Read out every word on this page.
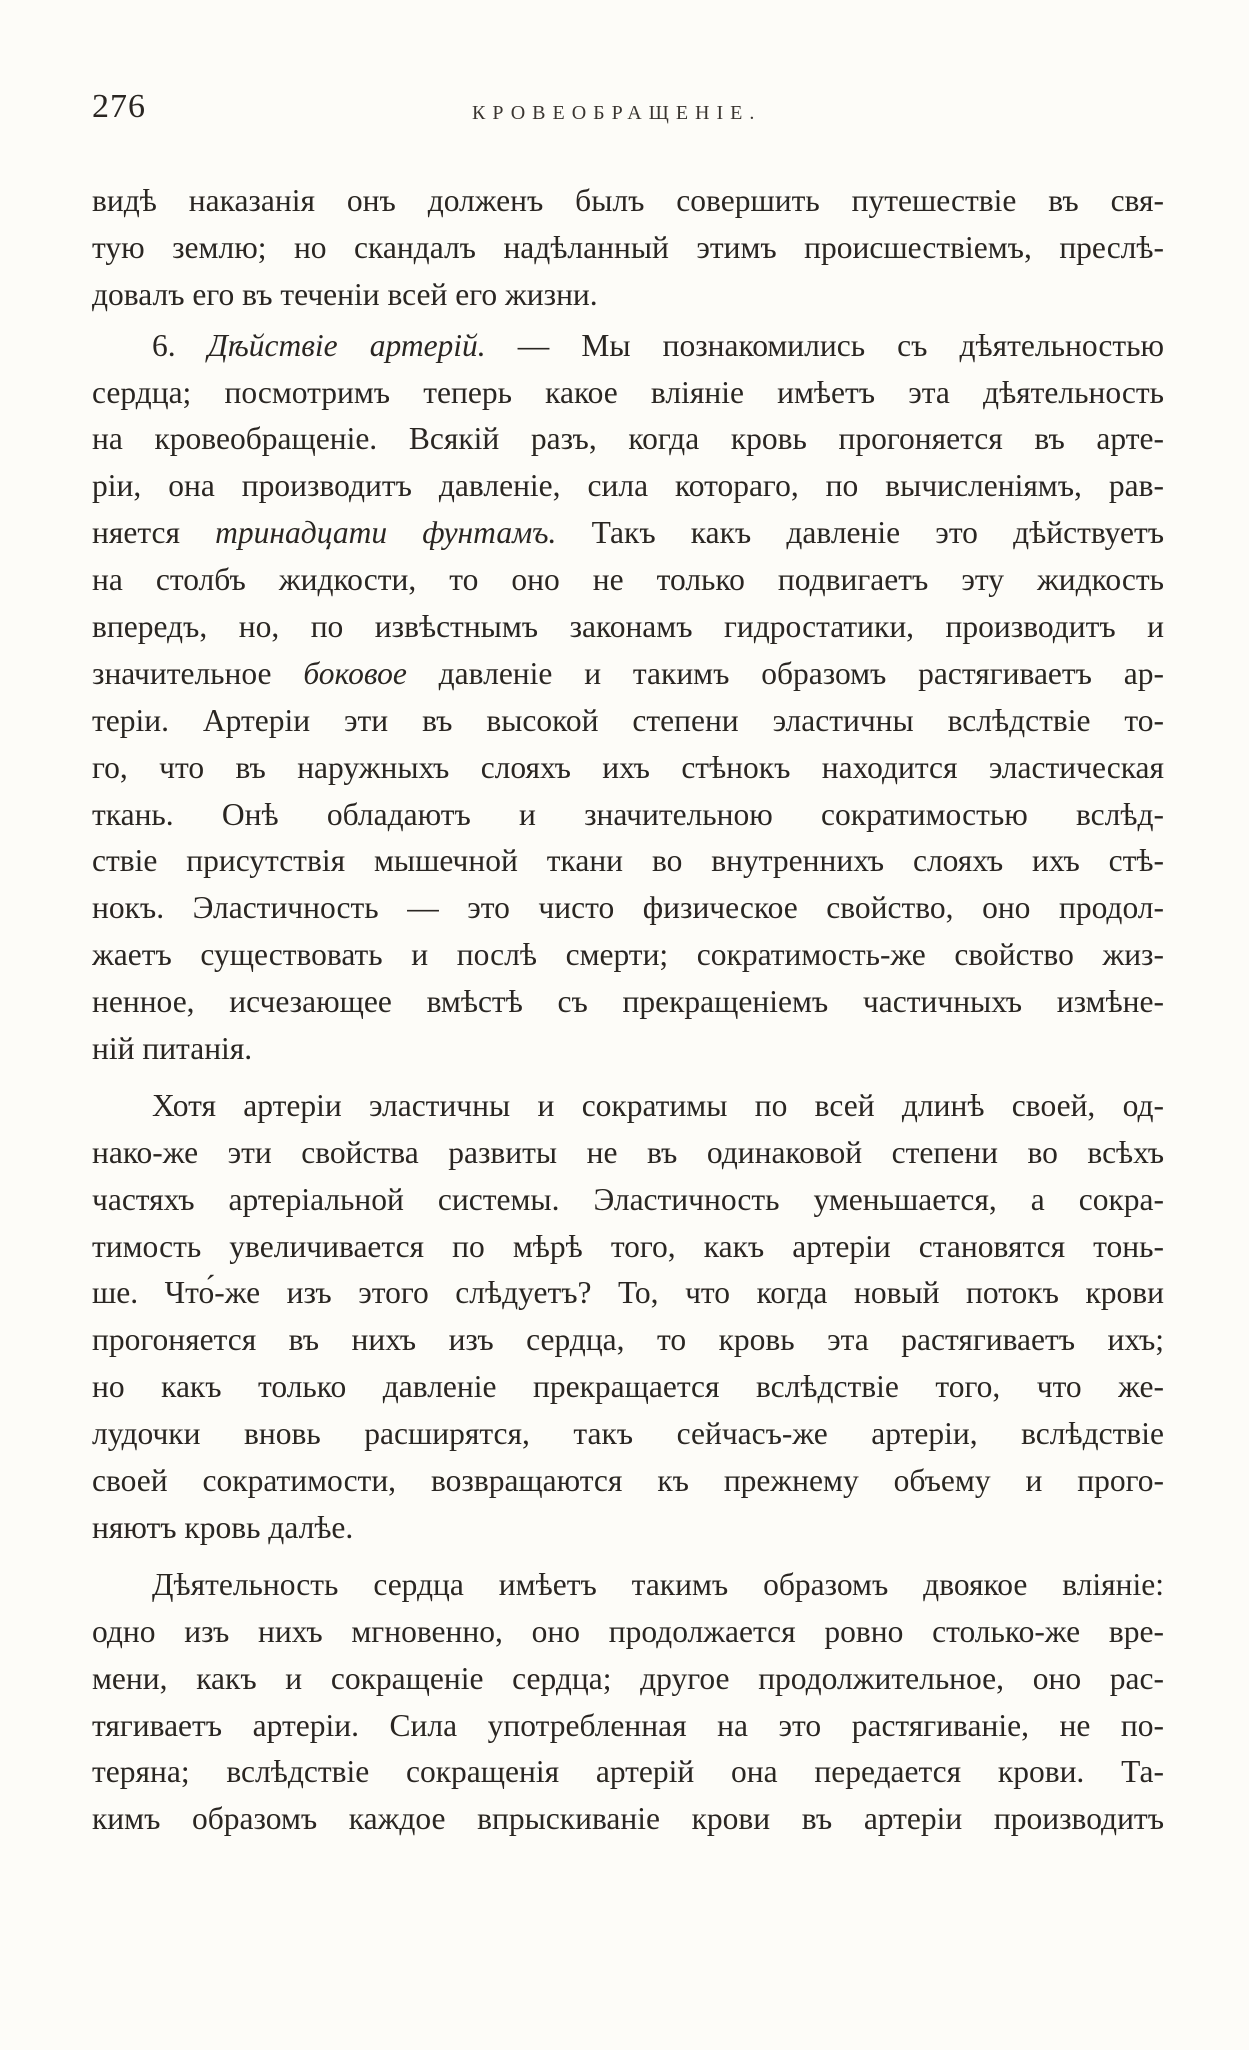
276	КРОВЕОБРАЩЕНІЕ.
видѣ наказанія онъ долженъ былъ совершить путешествіе въ свя-
тую землю; но скандалъ надѣланный этимъ происшествіемъ, преслѣ-
довалъ его въ теченіи всей его жизни.
6. Дѣйствіе артерій. — Мы познакомились съ дѣятельностью
сердца; посмотримъ теперь какое вліяніе имѣетъ эта дѣятельность
на кровеобращеніе. Всякій разъ, когда кровь прогоняется въ арте-
ріи, она производитъ давленіе, сила котораго, по вычисленіямъ, рав-
няется тринадцати фунтамъ. Такъ какъ давленіе это дѣйствуетъ
на столбъ жидкости, то оно не только подвигаетъ эту жидкость
впередъ, но, по извѣстнымъ законамъ гидростатики, производитъ и
значительное боковое давленіе и такимъ образомъ растягиваетъ ар-
теріи. Артеріи эти въ высокой степени эластичны вслѣдствіе то-
го, что въ наружныхъ слояхъ ихъ стѣнокъ находится эластическая
ткань. Онѣ обладаютъ и значительною сократимостью вслѣд-
ствіе присутствія мышечной ткани во внутреннихъ слояхъ ихъ стѣ-
нокъ. Эластичность — это чисто физическое свойство, оно продол-
жаетъ существовать и послѣ смерти; сократимость-же свойство жиз-
ненное, исчезающее вмѣстѣ съ прекращеніемъ частичныхъ измѣне-
ній питанія.
Хотя артеріи эластичны и сократимы по всей длинѣ своей, од-
нако-же эти свойства развиты не въ одинаковой степени во всѣхъ
частяхъ артеріальной системы. Эластичность уменьшается, а сокра-
тимость увеличивается по мѣрѣ того, какъ артеріи становятся тонь-
ше. Что́-же изъ этого слѣдуетъ? То, что когда новый потокъ крови
прогоняется въ нихъ изъ сердца, то кровь эта растягиваетъ ихъ;
но какъ только давленіе прекращается вслѣдствіе того, что же-
лудочки вновь расширятся, такъ сейчасъ-же артеріи, вслѣдствіе
своей сократимости, возвращаются къ прежнему объему и прого-
няютъ кровь далѣе.
Дѣятельность сердца имѣетъ такимъ образомъ двоякое вліяніе:
одно изъ нихъ мгновенно, оно продолжается ровно столько-же вре-
мени, какъ и сокращеніе сердца; другое продолжительное, оно рас-
тягиваетъ артеріи. Сила употребленная на это растягиваніе, не по-
теряна; вслѣдствіе сокращенія артерій она передается крови. Та-
кимъ образомъ каждое впрыскиваніе крови въ артеріи производитъ
